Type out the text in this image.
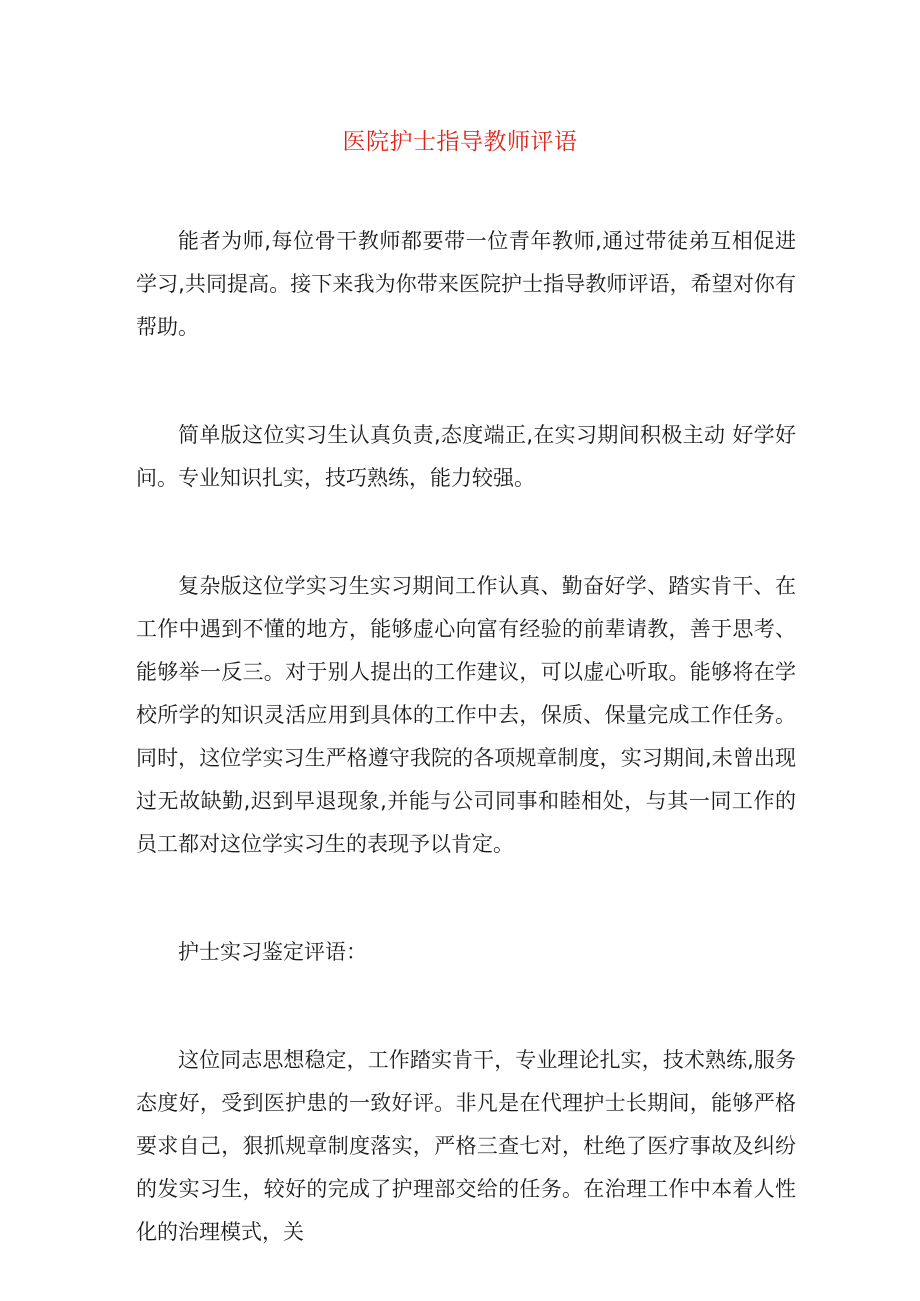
医院护士指导教师评语

能者为师,每位骨干教师都要带一位青年教师,通过带徒弟互相促进学习,共同提高。接下来我为你带来医院护士指导教师评语，希望对你有帮助。

简单版这位实习生认真负责,态度端正,在实习期间积极主动 好学好问。专业知识扎实，技巧熟练，能力较强。

复杂版这位学实习生实习期间工作认真、勤奋好学、踏实肯干、在工作中遇到不懂的地方，能够虚心向富有经验的前辈请教，善于思考、能够举一反三。对于别人提出的工作建议，可以虚心听取。能够将在学校所学的知识灵活应用到具体的工作中去，保质、保量完成工作任务。同时，这位学实习生严格遵守我院的各项规章制度，实习期间,未曾出现过无故缺勤,迟到早退现象,并能与公司同事和睦相处，与其一同工作的员工都对这位学实习生的表现予以肯定。

护士实习鉴定评语：

这位同志思想稳定，工作踏实肯干，专业理论扎实，技术熟练,服务态度好，受到医护患的一致好评。非凡是在代理护士长期间，能够严格要求自己，狠抓规章制度落实，严格三查七对，杜绝了医疗事故及纠纷的发实习生，较好的完成了护理部交给的任务。在治理工作中本着人性化的治理模式，关
